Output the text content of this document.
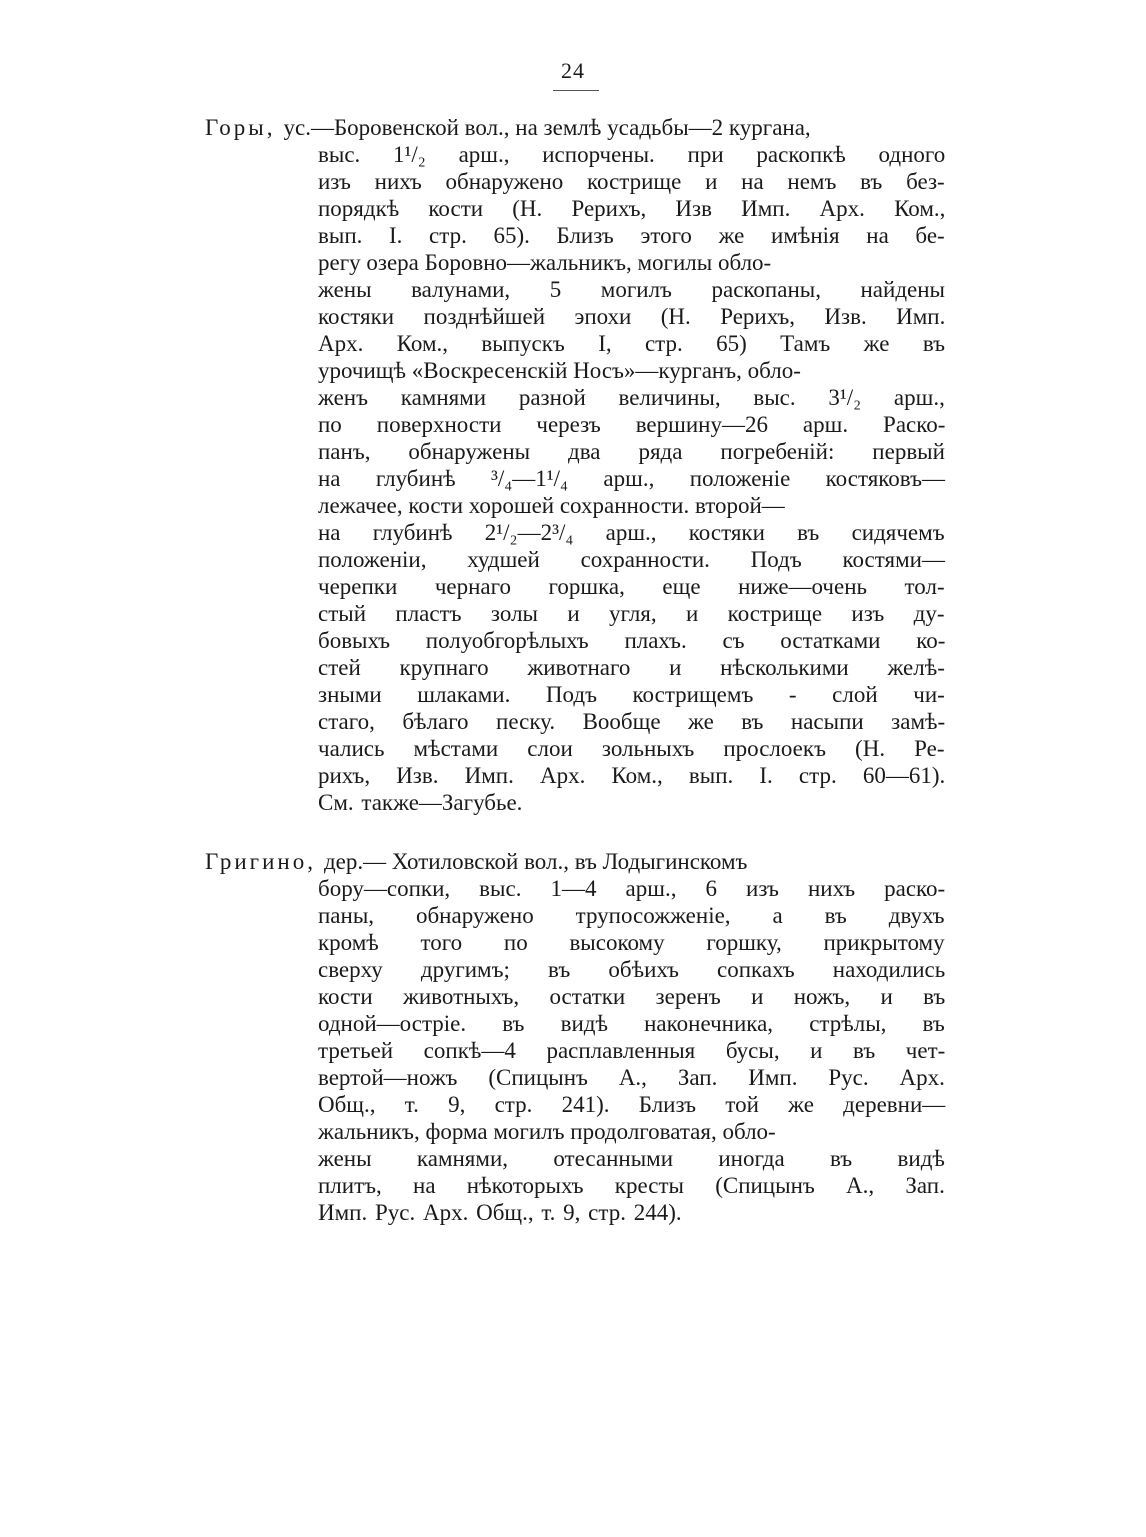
24
Горы, ус.—Боровенской вол., на землѣ усадьбы—2 кургана,
выс. 1¹/₂ арш., испорчены. при раскопкѣ одного
изъ нихъ обнаружено кострище и на немъ въ без-
порядкѣ кости (Н. Рерихъ, Изв Имп. Арх. Ком.,
вып. I. стр. 65). Близъ этого же имѣнія на бе-
регу озера Боровно—жальникъ, могилы обло-
жены валунами, 5 могилъ раскопаны, найдены
костяки позднѣйшей эпохи (Н. Рерихъ, Изв. Имп.
Арх. Ком., выпускъ I, стр. 65) Тамъ же въ
урочищѣ «Воскресенскій Носъ»—курганъ, обло-
женъ камнями разной величины, выс. 3¹/₂ арш.,
по поверхности черезъ вершину—26 арш. Раско-
панъ, обнаружены два ряда погребеній: первый
на глубинѣ ³/₄—1¹/₄ арш., положеніе костяковъ—
лежачее, кости хорошей сохранности. второй—
на глубинѣ 2¹/₂—2³/₄ арш., костяки въ сидячемъ
положеніи, худшей сохранности. Подъ костями—
черепки чернаго горшка, еще ниже—очень тол-
стый пластъ золы и угля, и кострище изъ ду-
бовыхъ полуобгорѣлыхъ плахъ. съ остатками ко-
стей крупнаго животнаго и нѣсколькими желѣ-
зными шлаками. Подъ кострищемъ - слой чи-
стаго, бѣлаго песку. Вообще же въ насыпи замѣ-
чались мѣстами слои зольныхъ прослоекъ (Н. Ре-
рихъ, Изв. Имп. Арх. Ком., вып. I. стр. 60—61).
См. также—Загубье.
Григино, дер.— Хотиловской вол., въ Лодыгинскомъ
бору—сопки, выс. 1—4 арш., 6 изъ нихъ раско-
паны, обнаружено трупосожженіе, а въ двухъ
кромѣ того по высокому горшку, прикрытому
сверху другимъ; въ обѣихъ сопкахъ находились
кости животныхъ, остатки зеренъ и ножъ, и въ
одной—остріе. въ видѣ наконечника, стрѣлы, въ
третьей сопкѣ—4 расплавленныя бусы, и въ чет-
вертой—ножъ (Спицынъ А., Зап. Имп. Рус. Арх.
Общ., т. 9, стр. 241). Близъ той же деревни—
жальникъ, форма могилъ продолговатая, обло-
жены камнями, отесанными иногда въ видѣ
плитъ, на нѣкоторыхъ кресты (Спицынъ А., Зап.
Имп. Рус. Арх. Общ., т. 9, стр. 244).
